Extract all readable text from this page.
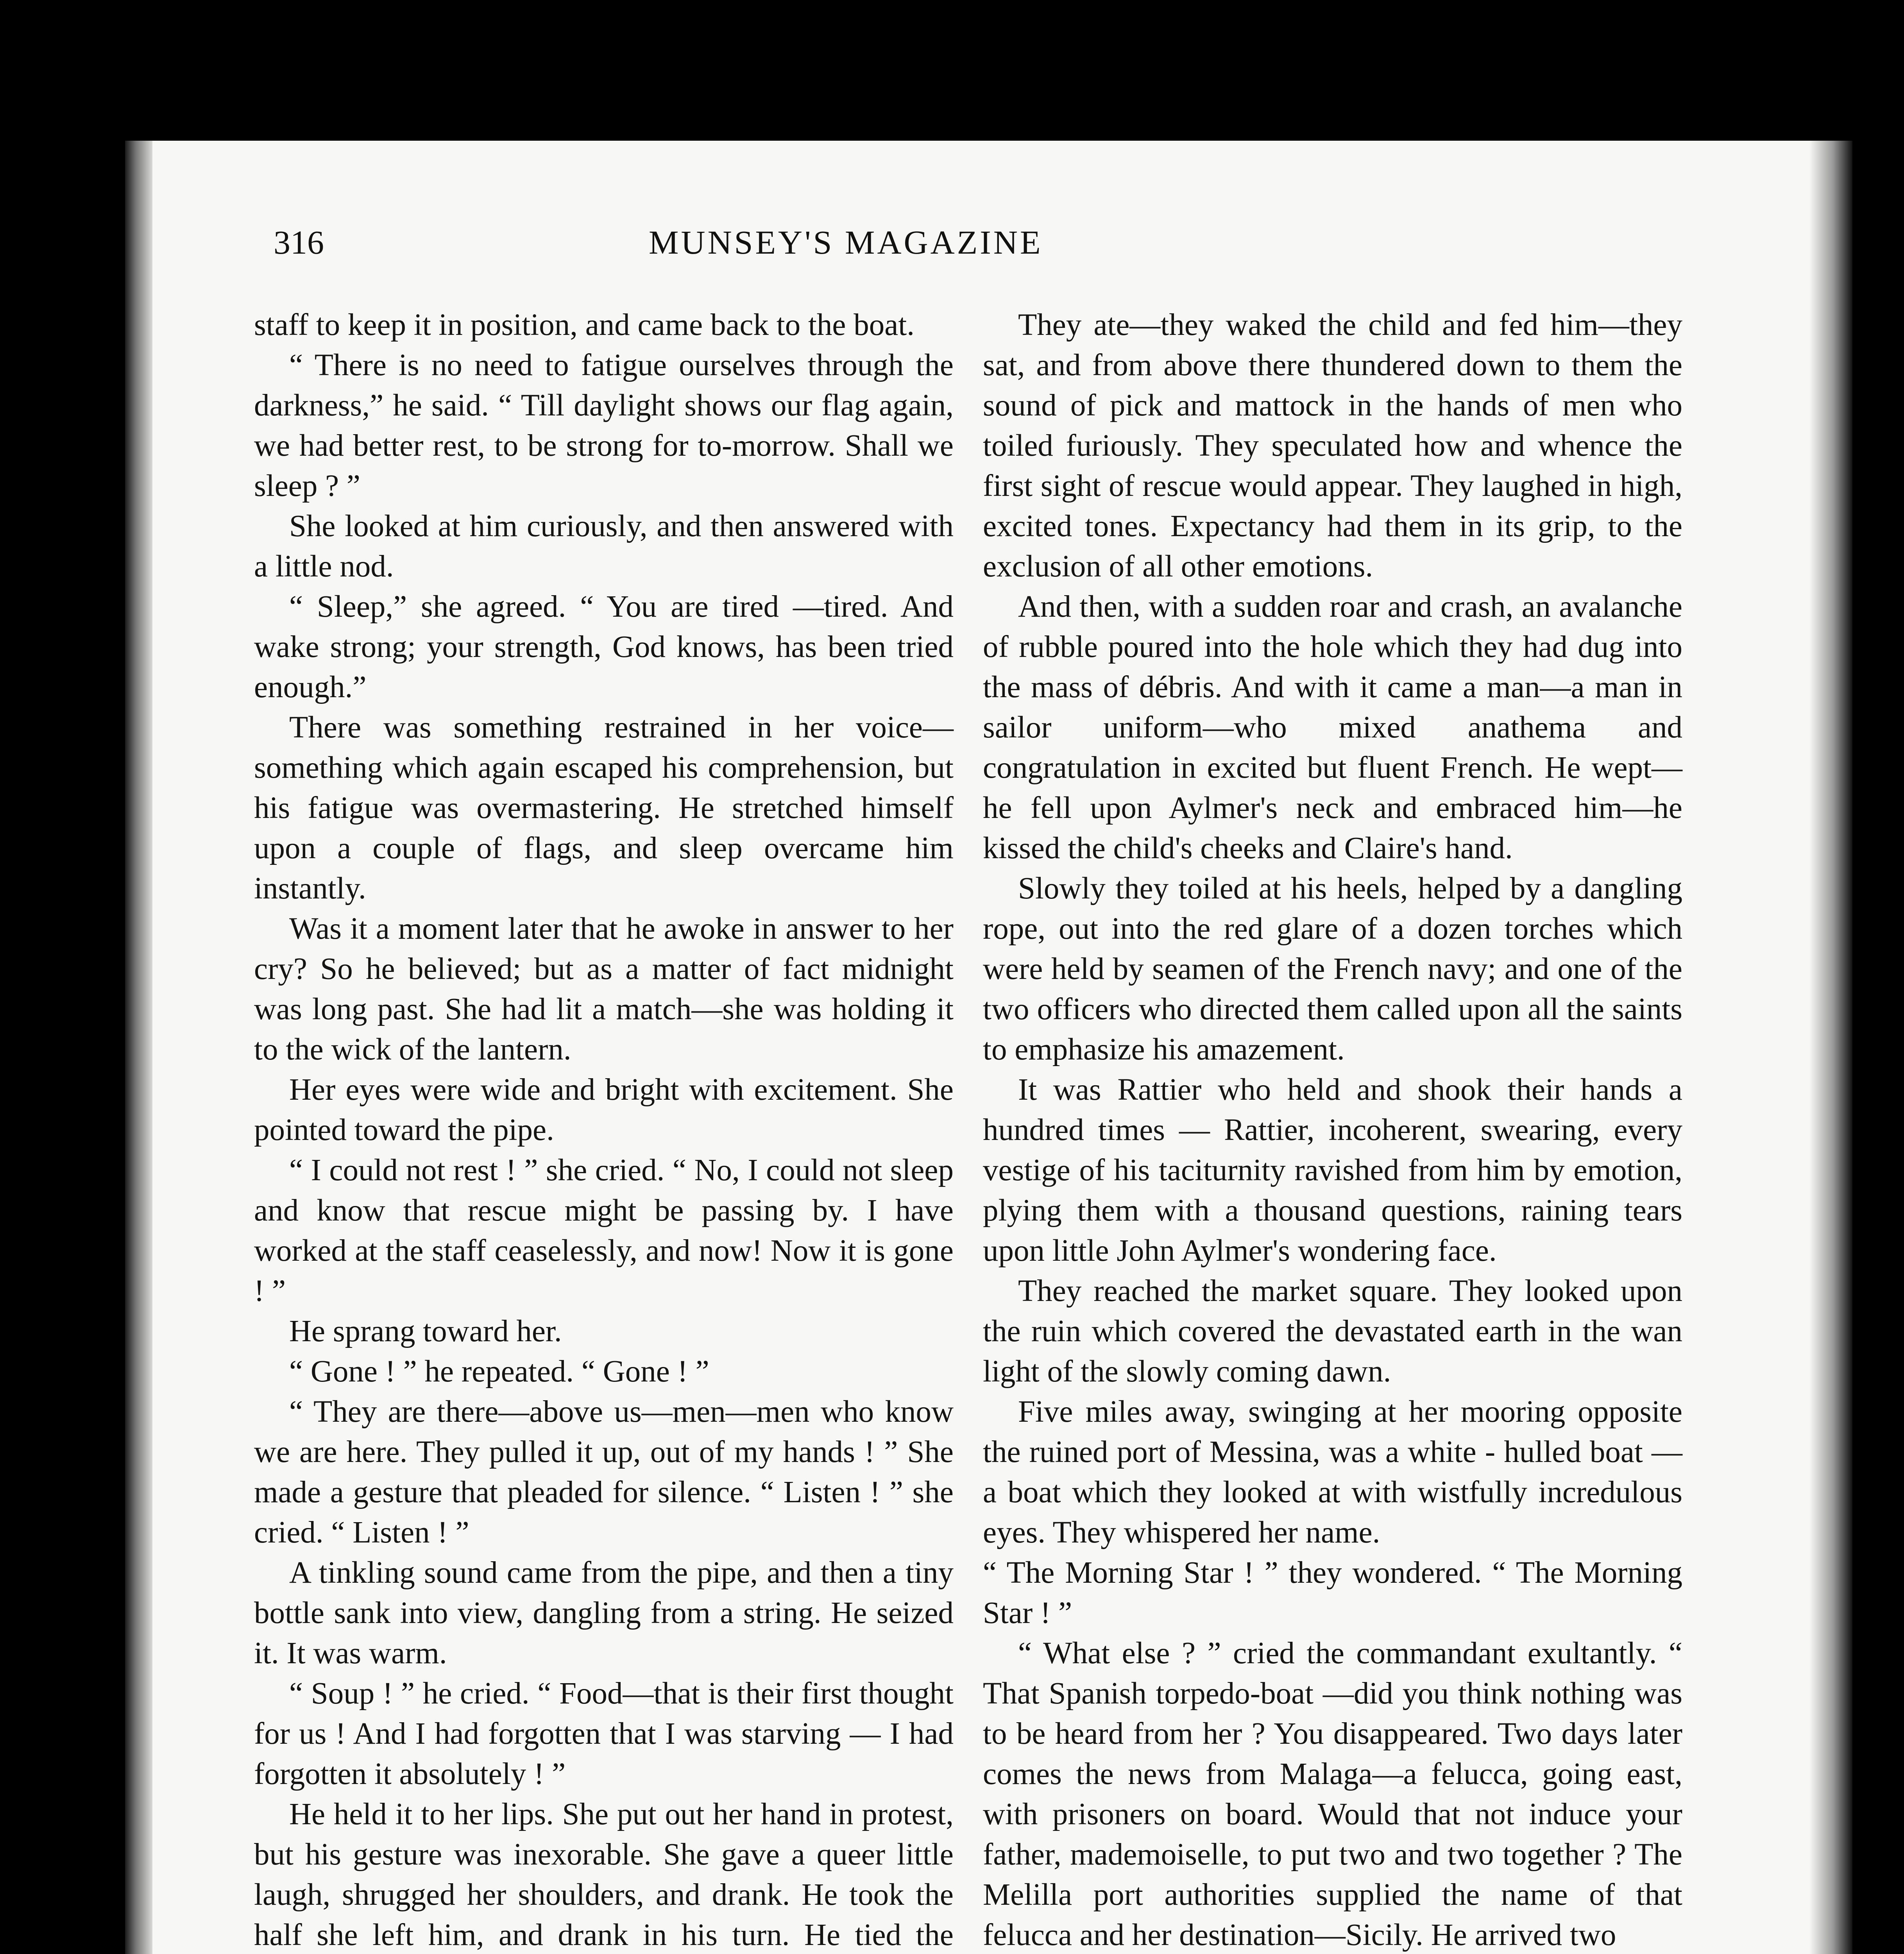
316	MUNSEY'S MAGAZINE

staff to keep it in position, and came back to the boat.

“ There is no need to fatigue ourselves through the darkness,” he said. “ Till daylight shows our flag again, we had better rest, to be strong for to-morrow. Shall we sleep ? ”

She looked at him curiously, and then answered with a little nod.

“ Sleep,” she agreed. “ You are tired —tired. And wake strong; your strength, God knows, has been tried enough.”

There was something restrained in her voice—something which again escaped his comprehension, but his fatigue was overmastering. He stretched himself upon a couple of flags, and sleep overcame him instantly.

Was it a moment later that he awoke in answer to her cry? So he believed; but as a matter of fact midnight was long past. She had lit a match—she was holding it to the wick of the lantern.

Her eyes were wide and bright with excitement. She pointed toward the pipe.

“ I could not rest ! ” she cried. “ No, I could not sleep and know that rescue might be passing by. I have worked at the staff ceaselessly, and now! Now it is gone ! ”

He sprang toward her.

“ Gone ! ” he repeated. “ Gone ! ”

“ They are there—above us—men—men who know we are here. They pulled it up, out of my hands ! ” She made a gesture that pleaded for silence. “ Listen ! ” she cried. “ Listen ! ”

A tinkling sound came from the pipe, and then a tiny bottle sank into view, dangling from a string. He seized it. It was warm.

“ Soup ! ” he cried. “ Food—that is their first thought for us ! And I had forgotten that I was starving — I had forgotten it absolutely ! ”

He held it to her lips. She put out her hand in protest, but his gesture was inexorable. She gave a queer little laugh, shrugged her shoulders, and drank. He took the half she left him, and drank in his turn. He tied the

They ate—they waked the child and fed him—they sat, and from above there thundered down to them the sound of pick and mattock in the hands of men who toiled furiously. They speculated how and whence the first sight of rescue would appear. They laughed in high, excited tones. Expectancy had them in its grip, to the exclusion of all other emotions.

And then, with a sudden roar and crash, an avalanche of rubble poured into the hole which they had dug into the mass of débris. And with it came a man—a man in sailor uniform—who mixed anathema and congratulation in excited but fluent French. He wept—he fell upon Aylmer's neck and embraced him—he kissed the child's cheeks and Claire's hand.

Slowly they toiled at his heels, helped by a dangling rope, out into the red glare of a dozen torches which were held by seamen of the French navy; and one of the two officers who directed them called upon all the saints to emphasize his amazement.

It was Rattier who held and shook their hands a hundred times — Rattier, incoherent, swearing, every vestige of his taciturnity ravished from him by emotion, plying them with a thousand questions, raining tears upon little John Aylmer's wondering face.

They reached the market square. They looked upon the ruin which covered the devastated earth in the wan light of the slowly coming dawn.

Five miles away, swinging at her mooring opposite the ruined port of Messina, was a white - hulled boat — a boat which they looked at with wistfully incredulous eyes. They whispered her name.

“ The Morning Star ! ” they wondered. “ The Morning Star ! ”

“ What else ? ” cried the commandant exultantly. “ That Spanish torpedo-boat —did you think nothing was to be heard from her ? You disappeared. Two days later comes the news from Malaga—a felucca, going east, with prisoners on board. Would that not induce your father, mademoiselle, to put two and two together ? The Melilla port authorities supplied the name of that felucca and her destination—Sicily. He arrived two
